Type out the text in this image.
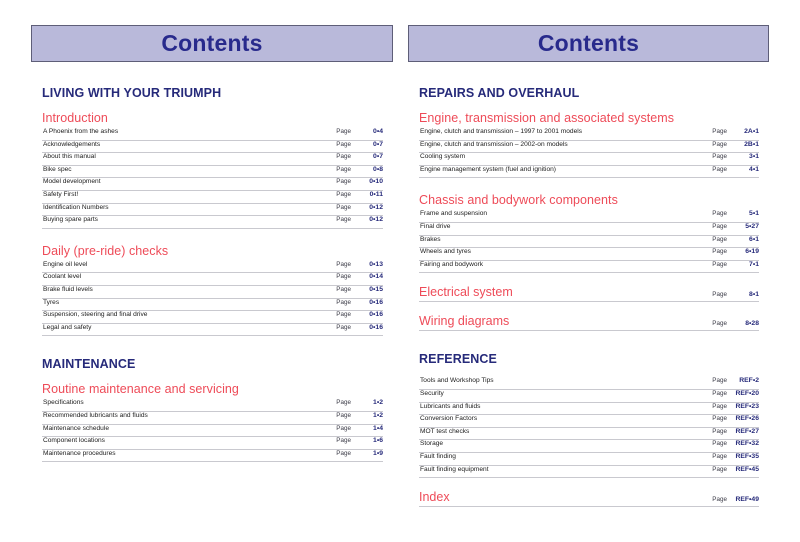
Contents
LIVING WITH YOUR TRIUMPH
Introduction
A Phoenix from the ashes	Page	0•4
Acknowledgements	Page	0•7
About this manual	Page	0•7
Bike spec	Page	0•8
Model development	Page	0•10
Safety First!	Page	0•11
Identification Numbers	Page	0•12
Buying spare parts	Page	0•12
Daily (pre-ride) checks
Engine oil level	Page	0•13
Coolant level	Page	0•14
Brake fluid levels	Page	0•15
Tyres	Page	0•16
Suspension, steering and final drive	Page	0•16
Legal and safety	Page	0•16
MAINTENANCE
Routine maintenance and servicing
Specifications	Page	1•2
Recommended lubricants and fluids	Page	1•2
Maintenance schedule	Page	1•4
Component locations	Page	1•6
Maintenance procedures	Page	1•9
Contents
REPAIRS AND OVERHAUL
Engine, transmission and associated systems
Engine, clutch and transmission – 1997 to 2001 models	Page	2A•1
Engine, clutch and transmission – 2002-on models	Page	2B•1
Cooling system	Page	3•1
Engine management system (fuel and ignition)	Page	4•1
Chassis and bodywork components
Frame and suspension	Page	5•1
Final drive	Page	5•27
Brakes	Page	6•1
Wheels and tyres	Page	6•19
Fairing and bodywork	Page	7•1
Electrical system	Page	8•1
Wiring diagrams	Page	8•28
REFERENCE
Tools and Workshop Tips	Page	REF•2
Security	Page	REF•20
Lubricants and fluids	Page	REF•23
Conversion Factors	Page	REF•26
MOT test checks	Page	REF•27
Storage	Page	REF•32
Fault finding	Page	REF•35
Fault finding equipment	Page	REF•45
Index	Page	REF•49
